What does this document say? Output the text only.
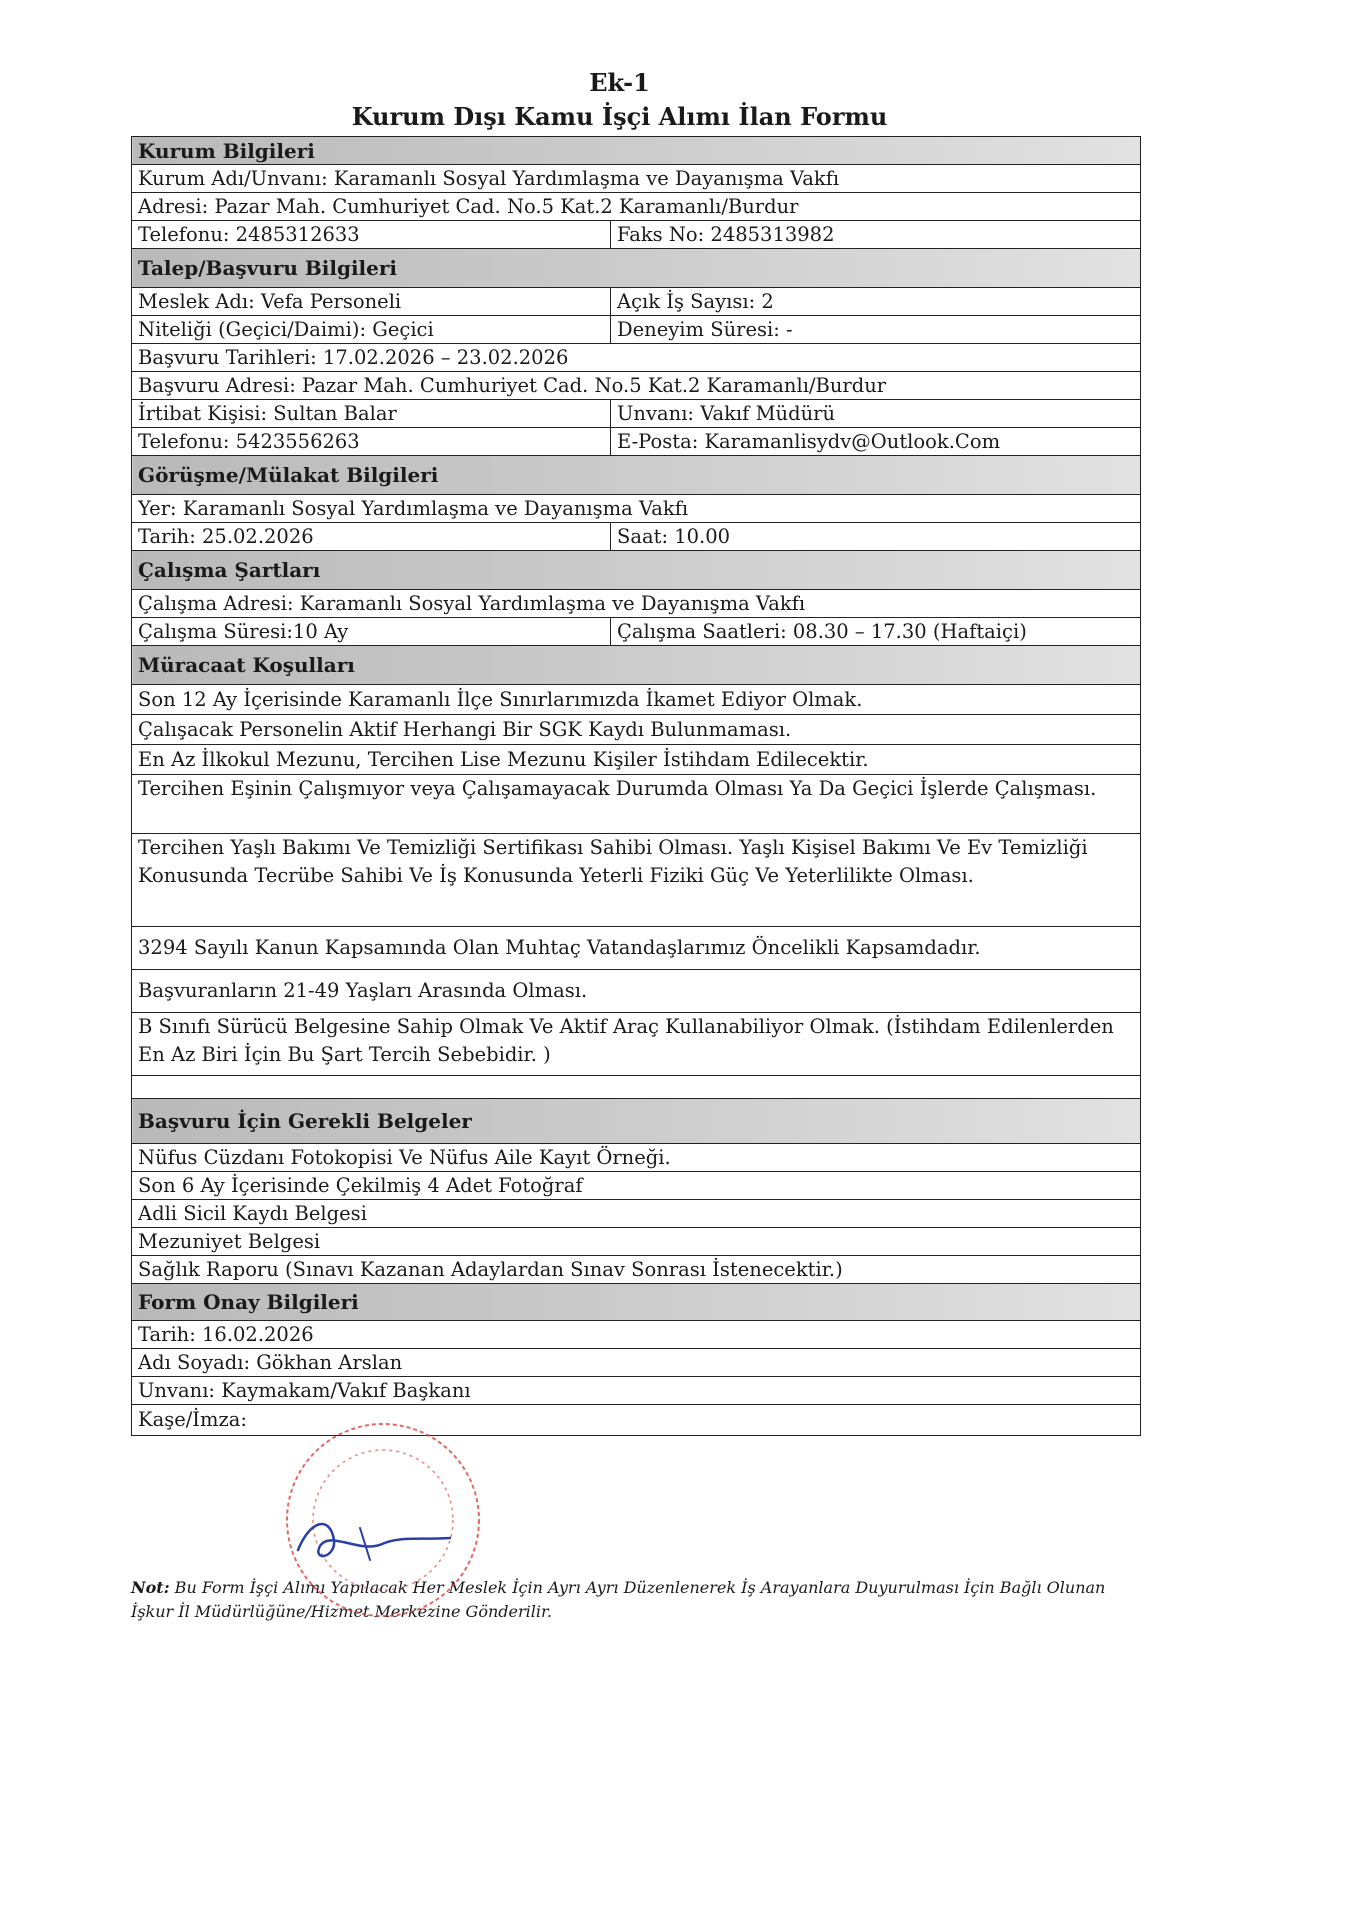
Ek-1
Kurum Dışı Kamu İşçi Alımı İlan Formu
Kurum Bilgileri	
Kurum Adı/Unvanı: Karamanlı Sosyal Yardımlaşma ve Dayanışma Vakfı	
Adresi: Pazar Mah. Cumhuriyet Cad. No.5 Kat.2 Karamanlı/Burdur	
Telefonu: 2485312633	Faks No: 2485313982
Talep/Başvuru Bilgileri	
Meslek Adı: Vefa Personeli	Açık İş Sayısı: 2
Niteliği (Geçici/Daimi): Geçici	Deneyim Süresi: -
Başvuru Tarihleri: 17.02.2026 – 23.02.2026	
Başvuru Adresi: Pazar Mah. Cumhuriyet Cad. No.5 Kat.2 Karamanlı/Burdur	
İrtibat Kişisi: Sultan Balar	Unvanı: Vakıf Müdürü
Telefonu: 5423556263	E-Posta: Karamanlisydv@Outlook.Com
Görüşme/Mülakat Bilgileri	
Yer: Karamanlı Sosyal Yardımlaşma ve Dayanışma Vakfı	
Tarih: 25.02.2026	Saat: 10.00
Çalışma Şartları	
Çalışma Adresi: Karamanlı Sosyal Yardımlaşma ve Dayanışma Vakfı	
Çalışma Süresi:10 Ay	Çalışma Saatleri: 08.30 – 17.30 (Haftaiçi)
Müracaat Koşulları	
Son 12 Ay İçerisinde Karamanlı İlçe Sınırlarımızda İkamet Ediyor Olmak.	
Çalışacak Personelin Aktif Herhangi Bir SGK Kaydı Bulunmaması.	
En Az İlkokul Mezunu, Tercihen Lise Mezunu Kişiler İstihdam Edilecektir.	
Tercihen Eşinin Çalışmıyor veya Çalışamayacak Durumda Olması Ya Da Geçici İşlerde Çalışması.	
Tercihen Yaşlı Bakımı Ve Temizliği Sertifikası Sahibi Olması. Yaşlı Kişisel Bakımı Ve Ev Temizliği Konusunda Tecrübe Sahibi Ve İş Konusunda Yeterli Fiziki Güç Ve Yeterlilikte Olması.	
3294 Sayılı Kanun Kapsamında Olan Muhtaç Vatandaşlarımız Öncelikli Kapsamdadır.	
Başvuranların 21-49 Yaşları Arasında Olması.	
B Sınıfı Sürücü Belgesine Sahip Olmak Ve Aktif Araç Kullanabiliyor Olmak. (İstihdam Edilenlerden En Az Biri İçin Bu Şart Tercih Sebebidir. )	

Başvuru İçin Gerekli Belgeler	
Nüfus Cüzdanı Fotokopisi Ve Nüfus Aile Kayıt Örneği.	
Son 6 Ay İçerisinde Çekilmiş 4 Adet Fotoğraf	
Adli Sicil Kaydı Belgesi	
Mezuniyet Belgesi	
Sağlık Raporu (Sınavı Kazanan Adaylardan Sınav Sonrası İstenecektir.)	
Form Onay Bilgileri	
Tarih: 16.02.2026	
Adı Soyadı: Gökhan Arslan	
Unvanı: Kaymakam/Vakıf Başkanı	
Kaşe/İmza:	
Not: Bu Form İşçi Alımı Yapılacak Her Meslek İçin Ayrı Ayrı Düzenlenerek İş Arayanlara Duyurulması İçin Bağlı Olunan İşkur İl Müdürlüğüne/Hizmet Merkezine Gönderilir.
